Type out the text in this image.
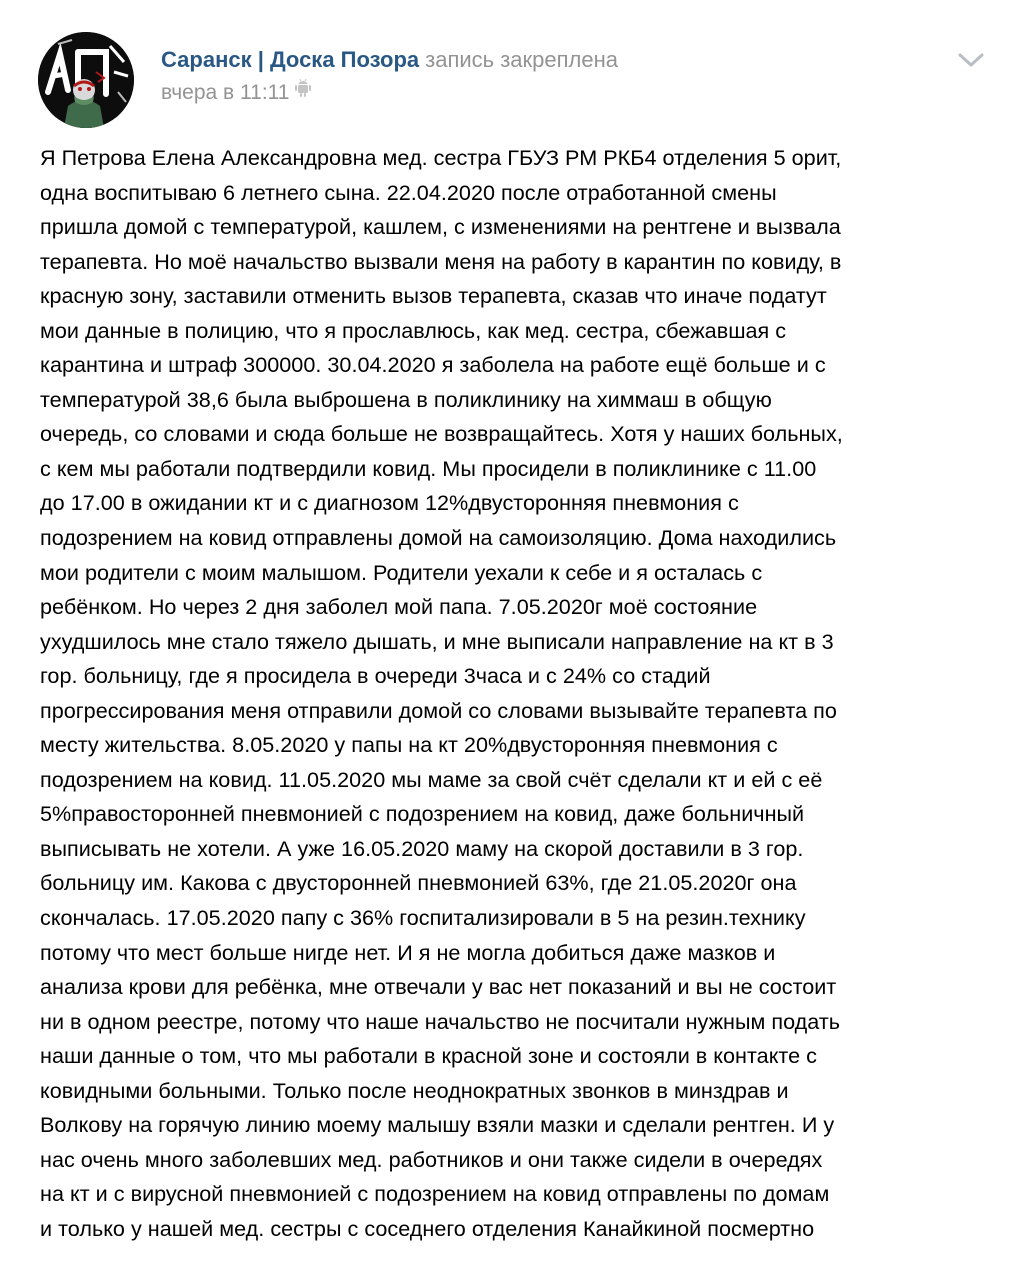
Саранск | Доска Позора запись закреплена
вчера в 11:11
Я Петрова Елена Александровна мед. сестра ГБУЗ РМ РКБ4 отделения 5 орит,
одна воспитываю 6 летнего сына. 22.04.2020 после отработанной смены
пришла домой с температурой, кашлем, с изменениями на рентгене и вызвала
терапевта. Но моё начальство вызвали меня на работу в карантин по ковиду, в
красную зону, заставили отменить вызов терапевта, сказав что иначе податут
мои данные в полицию, что я прославлюсь, как мед. сестра, сбежавшая с
карантина и штраф 300000. 30.04.2020 я заболела на работе ещё больше и с
температурой 38,6 была выброшена в поликлинику на химмаш в общую
очередь, со словами и сюда больше не возвращайтесь. Хотя у наших больных,
с кем мы работали подтвердили ковид. Мы просидели в поликлинике с 11.00
до 17.00 в ожидании кт и с диагнозом 12%двусторонняя пневмония с
подозрением на ковид отправлены домой на самоизоляцию. Дома находились
мои родители с моим малышом. Родители уехали к себе и я осталась с
ребёнком. Но через 2 дня заболел мой папа. 7.05.2020г моё состояние
ухудшилось мне стало тяжело дышать, и мне выписали направление на кт в 3
гор. больницу, где я просидела в очереди 3часа и с 24% со стадий
прогрессирования меня отправили домой со словами вызывайте терапевта по
месту жительства. 8.05.2020 у папы на кт 20%двусторонняя пневмония с
подозрением на ковид. 11.05.2020 мы маме за свой счёт сделали кт и ей с её
5%правосторонней пневмонией с подозрением на ковид, даже больничный
выписывать не хотели. А уже 16.05.2020 маму на скорой доставили в 3 гор.
больницу им. Какова с двусторонней пневмонией 63%, где 21.05.2020г она
скончалась. 17.05.2020 папу с 36% госпитализировали в 5 на резин.технику
потому что мест больше нигде нет. И я не могла добиться даже мазков и
анализа крови для ребёнка, мне отвечали у вас нет показаний и вы не состоит
ни в одном реестре, потому что наше начальство не посчитали нужным подать
наши данные о том, что мы работали в красной зоне и состояли в контакте с
ковидными больными. Только после неоднократных звонков в минздрав и
Волкову на горячую линию моему малышу взяли мазки и сделали рентген. И у
нас очень много заболевших мед. работников и они также сидели в очередях
на кт и с вирусной пневмонией с подозрением на ковид отправлены по домам
и только у нашей мед. сестры с соседнего отделения Канайкиной посмертно
